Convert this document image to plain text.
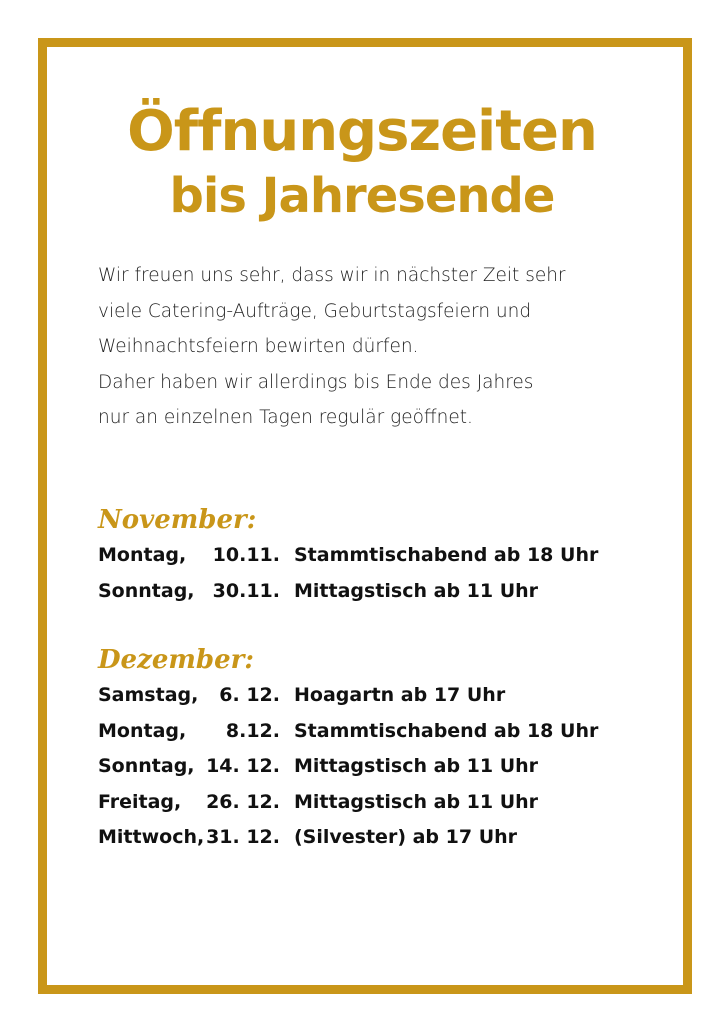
Öffnungszeiten
bis Jahresende
Wir freuen uns sehr, dass wir in nächster Zeit sehr
viele Catering-Aufträge, Geburtstagsfeiern und
Weihnachtsfeiern bewirten dürfen.
Daher haben wir allerdings bis Ende des Jahres
nur an einzelnen Tagen regulär geöffnet.
November:
Montag,	10.11. Stammtischabend ab 18 Uhr
Sonntag, 30.11. Mittagstisch ab 11 Uhr
Dezember:
Samstag,	6. 12. Hoagartn ab 17 Uhr
Montag,	8.12. Stammtischabend ab 18 Uhr
Sonntag, 14. 12. Mittagstisch ab 11 Uhr
Freitag, 26. 12. Mittagstisch ab 11 Uhr
Mittwoch, 31. 12. (Silvester) ab 17 Uhr
